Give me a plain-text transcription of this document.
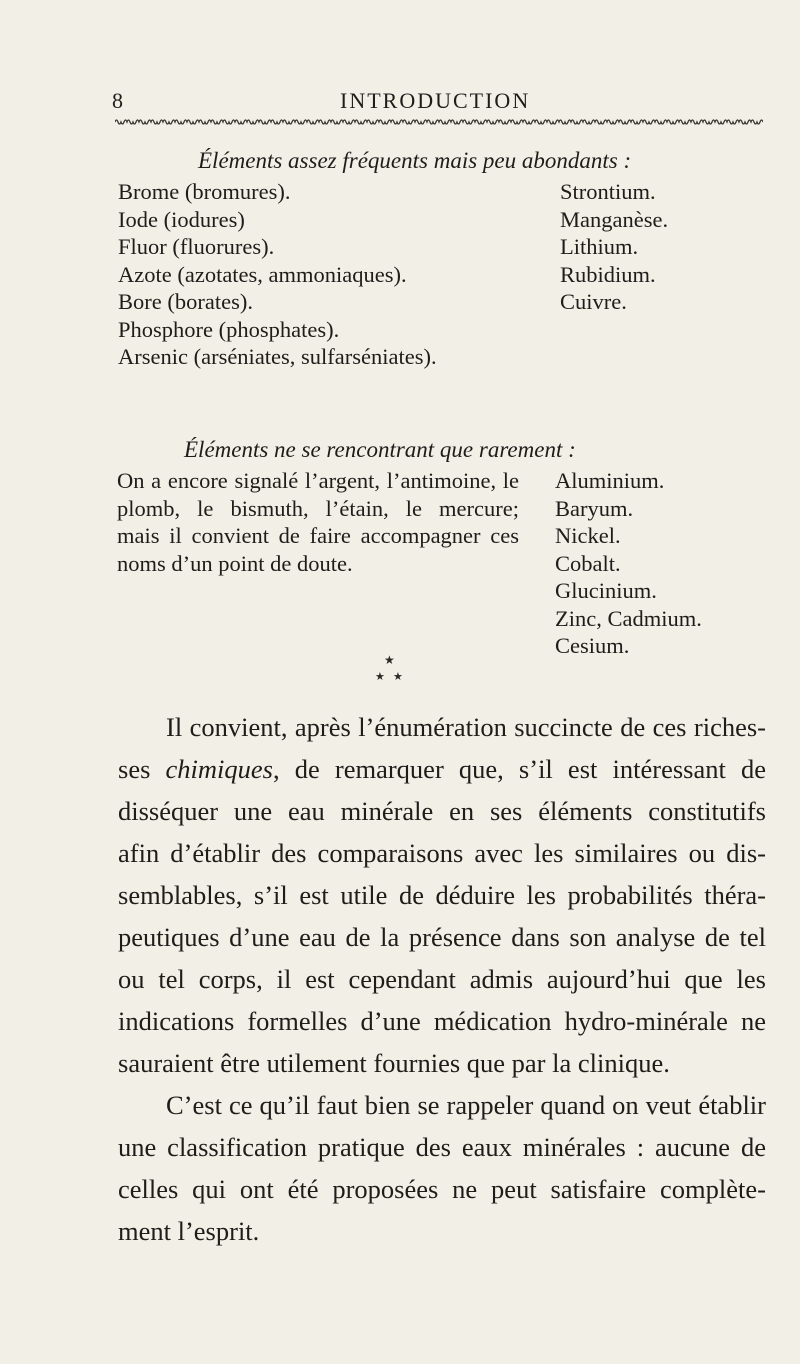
8	INTRODUCTION
Éléments assez fréquents mais peu abondants :
Brome (bromures).
Iode (iodures)
Fluor (fluorures).
Azote (azotates, ammoniaques).
Bore (borates).
Phosphore (phosphates).
Arsenic (arséniates, sulfarséniates).
Strontium.
Manganèse.
Lithium.
Rubidium.
Cuivre.
Éléments ne se rencontrant que rarement :
On a encore signalé l’argent, l’antimoine, le
plomb, le bismuth, l’étain, le mercure;
mais il convient de faire accompagner ces
noms d’un point de doute.
Aluminium.
Baryum.
Nickel.
Cobalt.
Glucinium.
Zinc, Cadmium.
Cesium.
★
★ ★
Il convient, après l’énumération succincte de ces riches-
ses chimiques, de remarquer que, s’il est intéressant de
disséquer une eau minérale en ses éléments constitutifs
afin d’établir des comparaisons avec les similaires ou dis-
semblables, s’il est utile de déduire les probabilités théra-
peutiques d’une eau de la présence dans son analyse de tel
ou tel corps, il est cependant admis aujourd’hui que les
indications formelles d’une médication hydro-minérale ne
sauraient être utilement fournies que par la clinique.
C’est ce qu’il faut bien se rappeler quand on veut établir
une classification pratique des eaux minérales : aucune de
celles qui ont été proposées ne peut satisfaire complète-
ment l’esprit.
